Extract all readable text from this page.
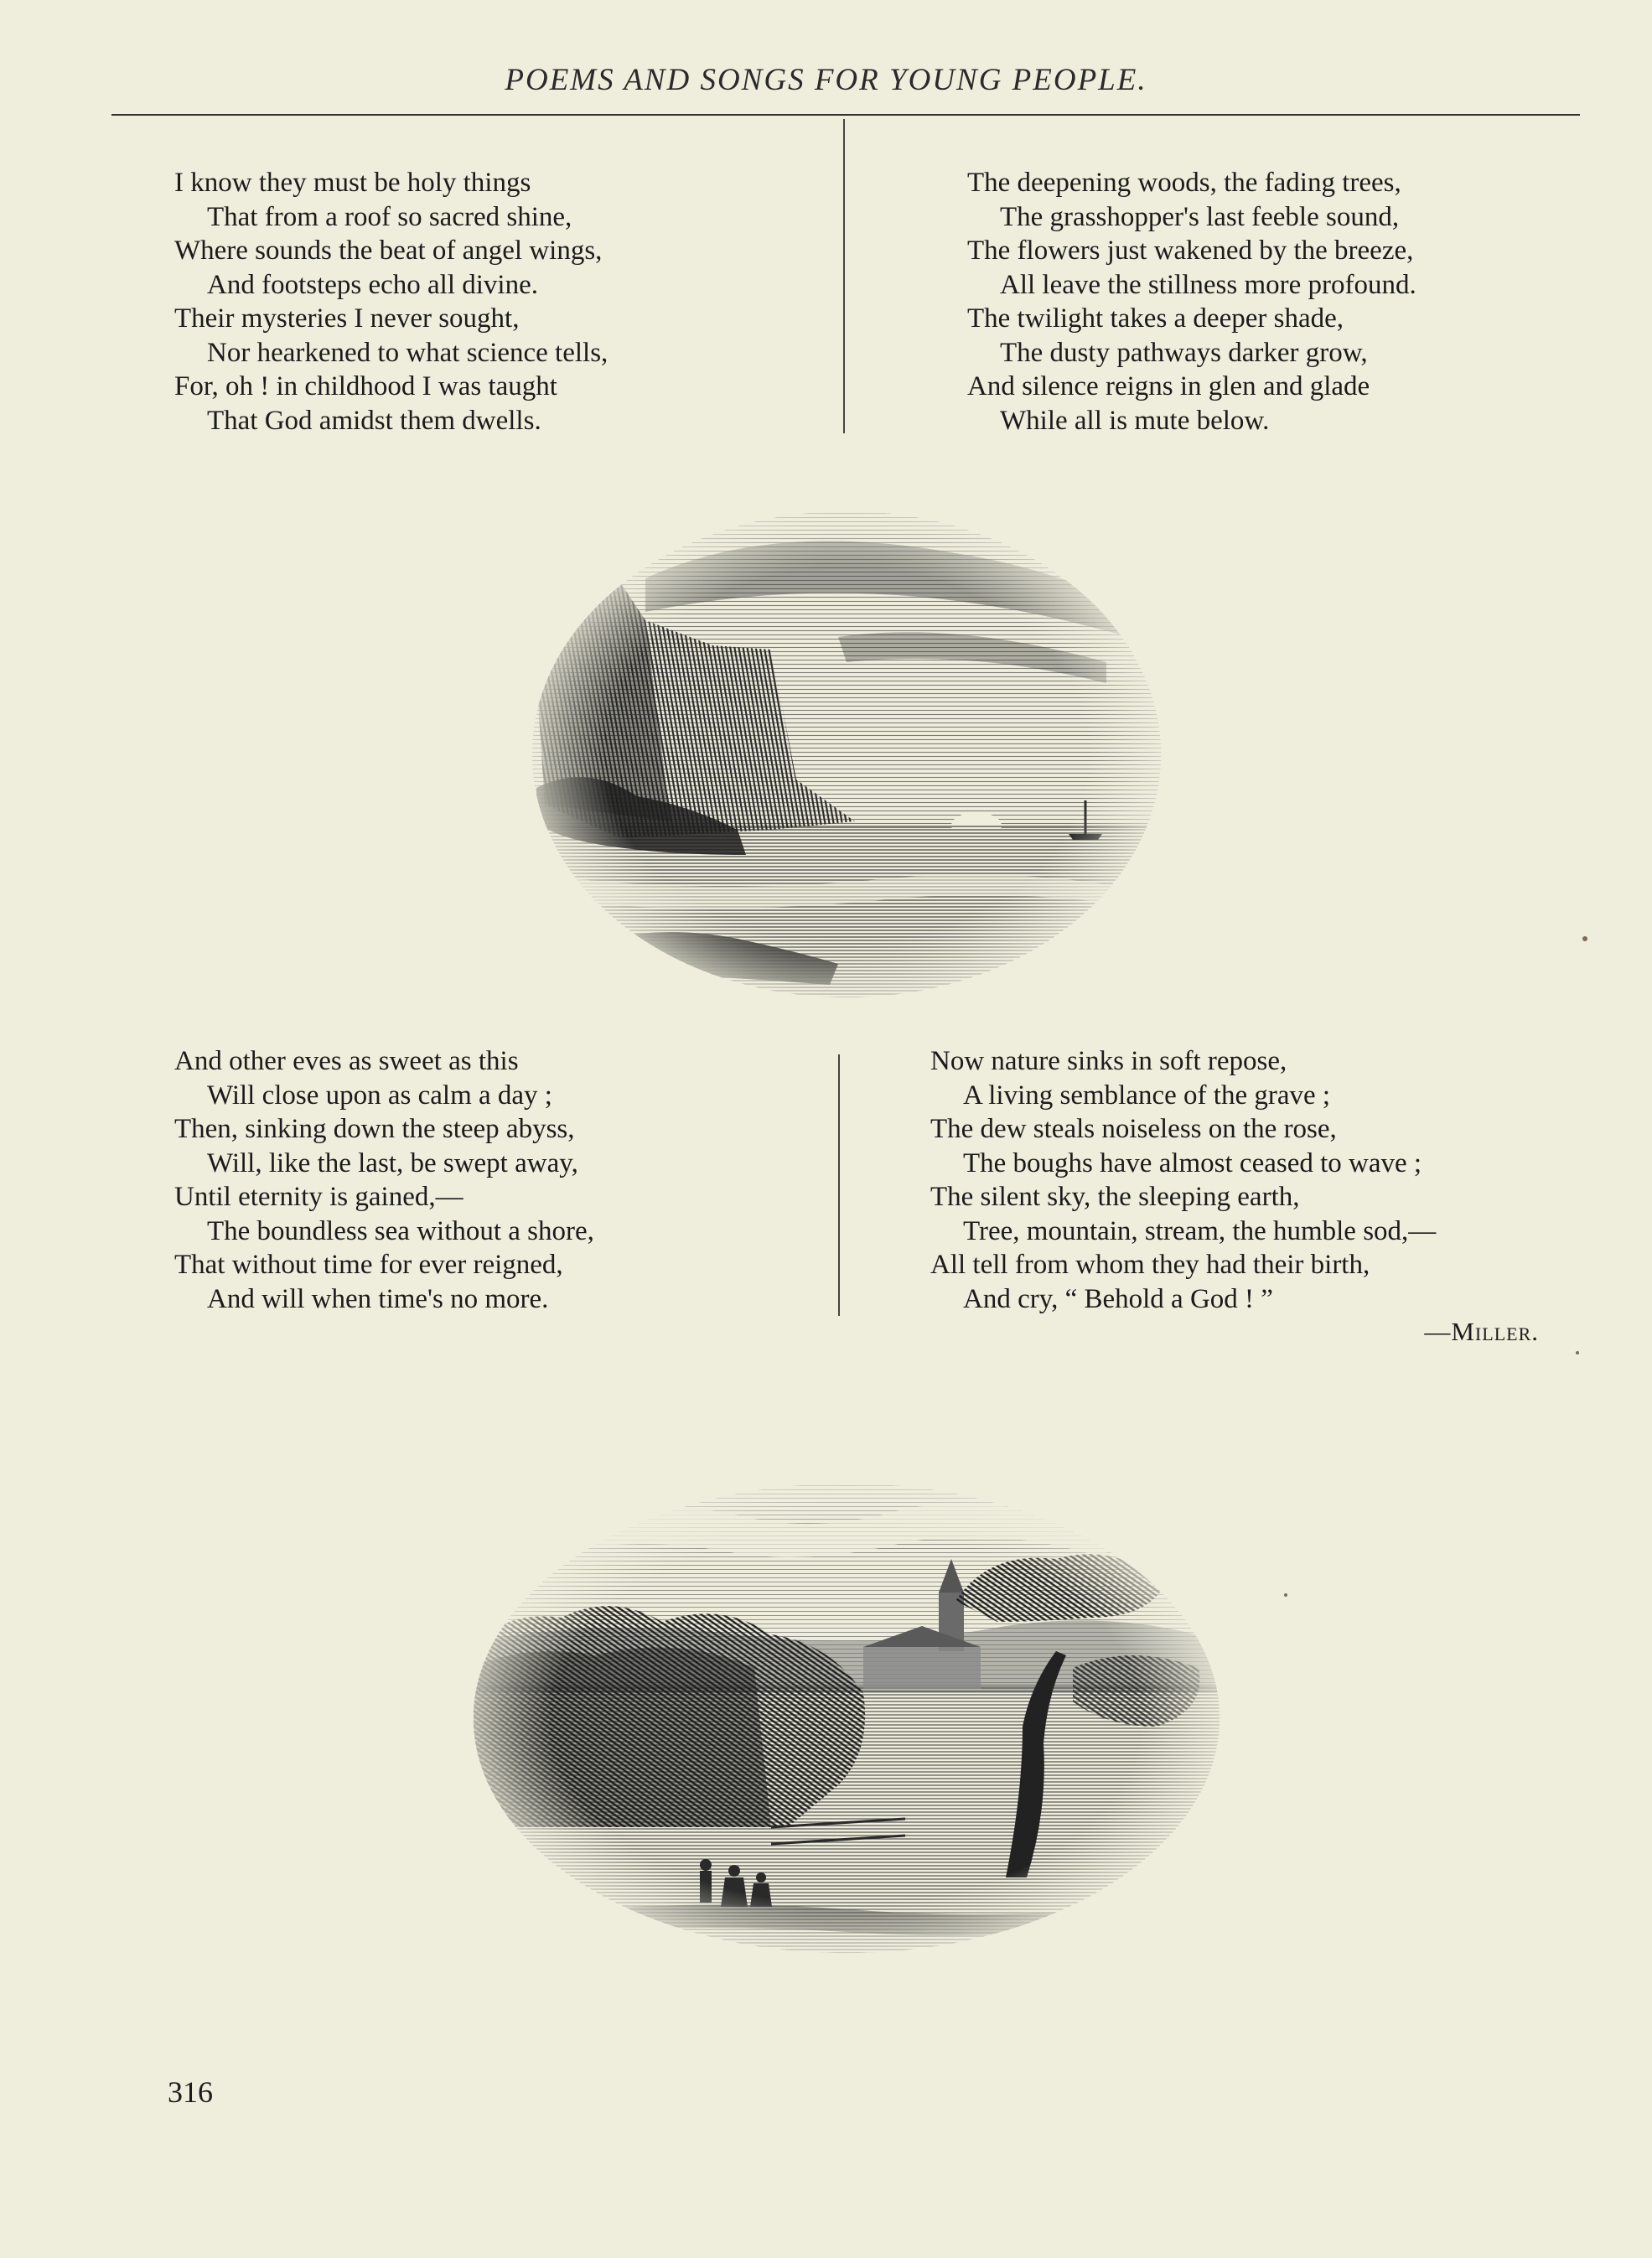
POEMS AND SONGS FOR YOUNG PEOPLE.
I know they must be holy things
That from a roof so sacred shine,
Where sounds the beat of angel wings,
And footsteps echo all divine.
Their mysteries I never sought,
Nor hearkened to what science tells,
For, oh ! in childhood I was taught
That God amidst them dwells.
The deepening woods, the fading trees,
The grasshopper's last feeble sound,
The flowers just wakened by the breeze,
All leave the stillness more profound.
The twilight takes a deeper shade,
The dusty pathways darker grow,
And silence reigns in glen and glade
While all is mute below.
And other eves as sweet as this
Will close upon as calm a day ;
Then, sinking down the steep abyss,
Will, like the last, be swept away,
Until eternity is gained,—
The boundless sea without a shore,
That without time for ever reigned,
And will when time's no more.
Now nature sinks in soft repose,
A living semblance of the grave ;
The dew steals noiseless on the rose,
The boughs have almost ceased to wave ;
The silent sky, the sleeping earth,
Tree, mountain, stream, the humble sod,—
All tell from whom they had their birth,
And cry, “ Behold a God ! ”
—Miller.
316
